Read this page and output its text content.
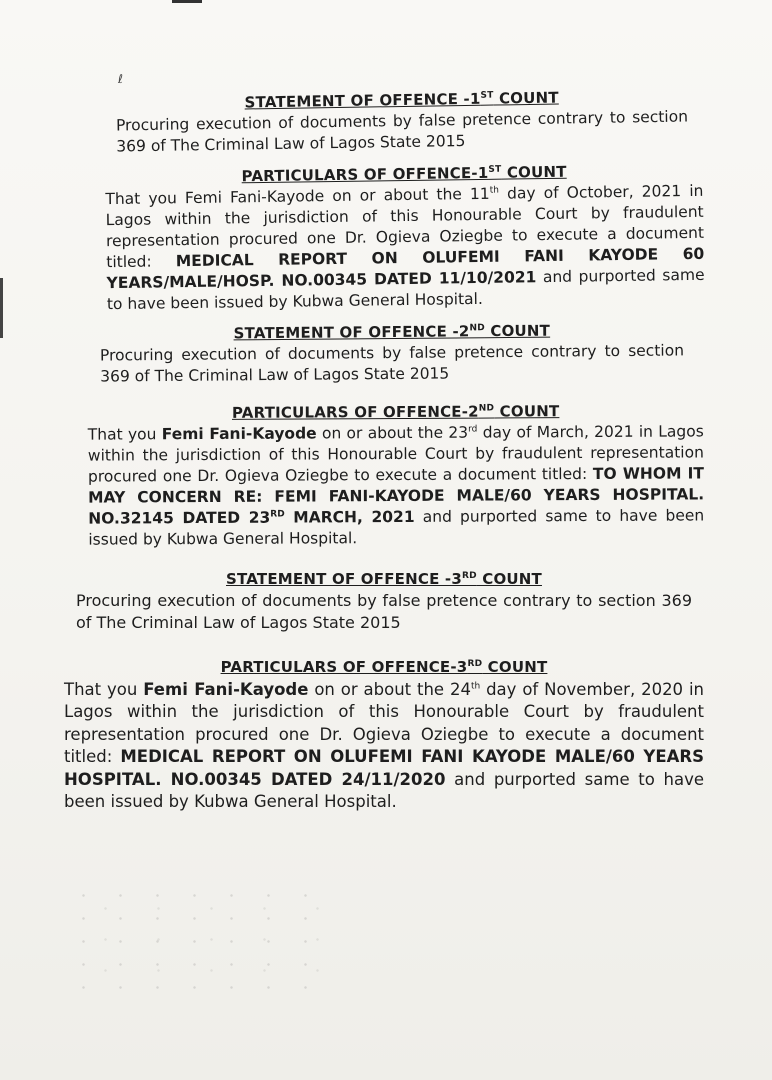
ℓ
STATEMENT OF OFFENCE -1ST COUNT
Procuring execution of documents by false pretence contrary to section 369 of The Criminal Law of Lagos State 2015
PARTICULARS OF OFFENCE-1ST COUNT
That you Femi Fani-Kayode on or about the 11th day of October, 2021 in Lagos within the jurisdiction of this Honourable Court by fraudulent representation procured one Dr. Ogieva Oziegbe to execute a document titled: MEDICAL REPORT ON OLUFEMI FANI KAYODE 60 YEARS/MALE/HOSP. NO.00345 DATED 11/10/2021 and purported same to have been issued by Kubwa General Hospital.
STATEMENT OF OFFENCE -2ND COUNT
Procuring execution of documents by false pretence contrary to section 369 of The Criminal Law of Lagos State 2015
PARTICULARS OF OFFENCE-2ND COUNT
That you Femi Fani-Kayode on or about the 23rd day of March, 2021 in Lagos within the jurisdiction of this Honourable Court by fraudulent representation procured one Dr. Ogieva Oziegbe to execute a document titled: TO WHOM IT MAY CONCERN RE: FEMI FANI-KAYODE MALE/60 YEARS HOSPITAL. NO.32145 DATED 23RD MARCH, 2021 and purported same to have been issued by Kubwa General Hospital.
STATEMENT OF OFFENCE -3RD COUNT
Procuring execution of documents by false pretence contrary to section 369 of The Criminal Law of Lagos State 2015
PARTICULARS OF OFFENCE-3RD COUNT
That you Femi Fani-Kayode on or about the 24th day of November, 2020 in Lagos within the jurisdiction of this Honourable Court by fraudulent representation procured one Dr. Ogieva Oziegbe to execute a document titled: MEDICAL REPORT ON OLUFEMI FANI KAYODE MALE/60 YEARS HOSPITAL. NO.00345 DATED 24/11/2020 and purported same to have been issued by Kubwa General Hospital.
